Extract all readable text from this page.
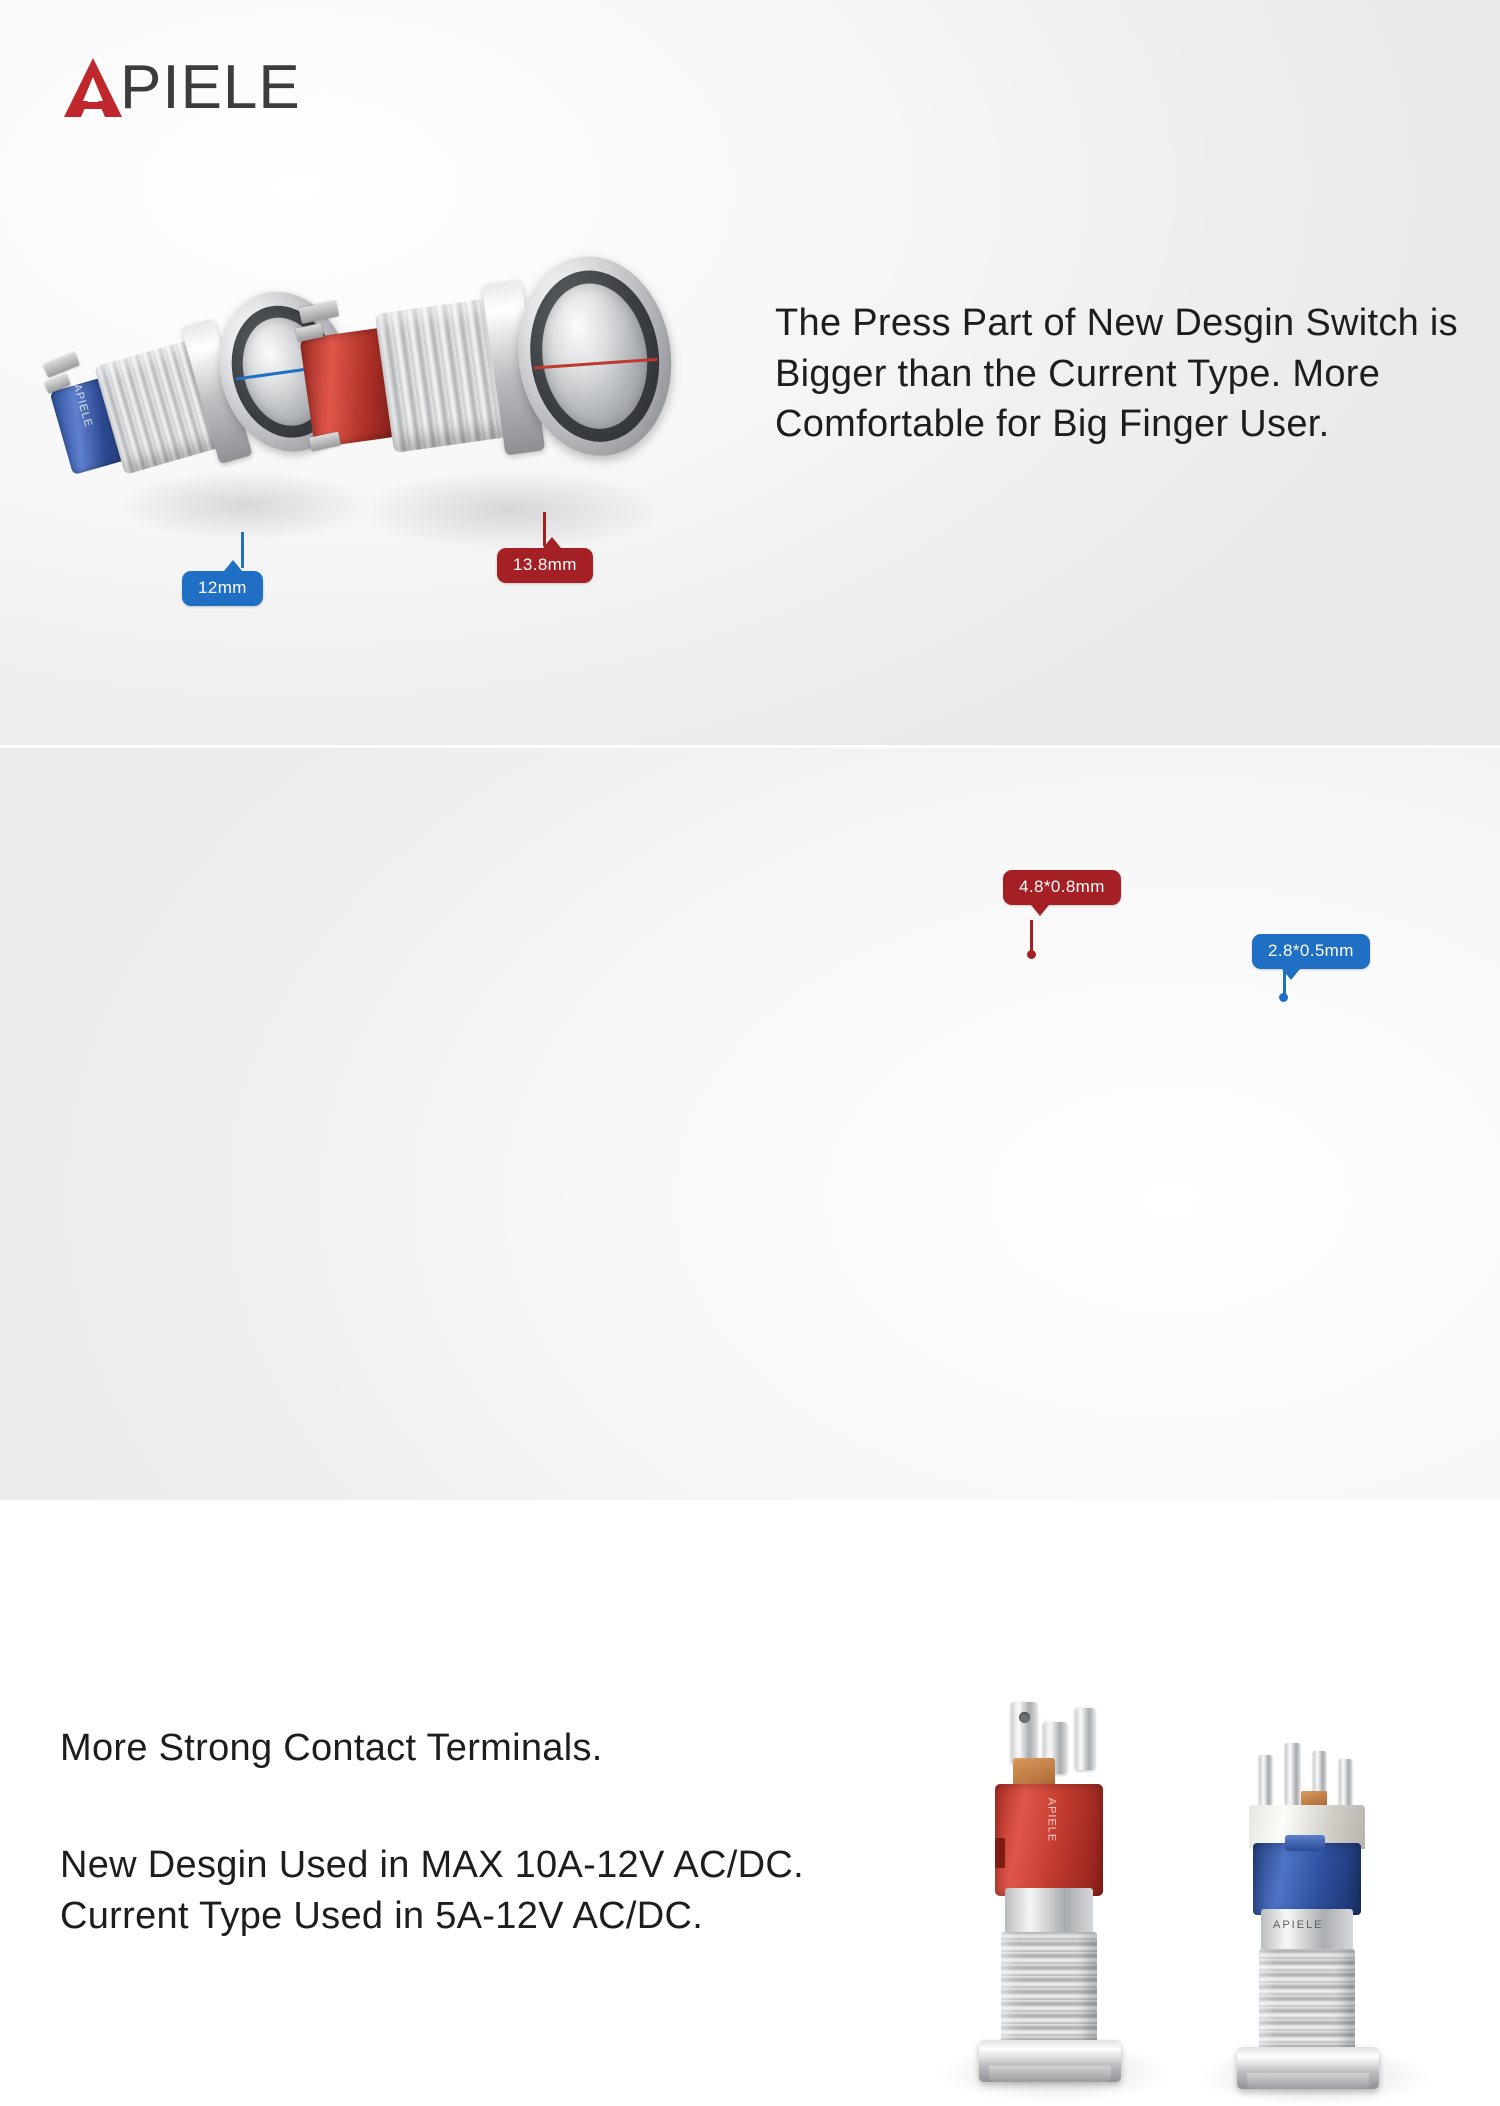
PIELE
The Press Part of New Desgin Switch is Bigger than the Current Type. More Comfortable for Big Finger User.
APIELE
12mm
13.8mm
More Strong Contact Terminals.
New Desgin Used in MAX 10A-12V AC/DC. Current Type Used in 5A-12V AC/DC.
APIELE
APIELE
4.8*0.8mm
2.8*0.5mm
